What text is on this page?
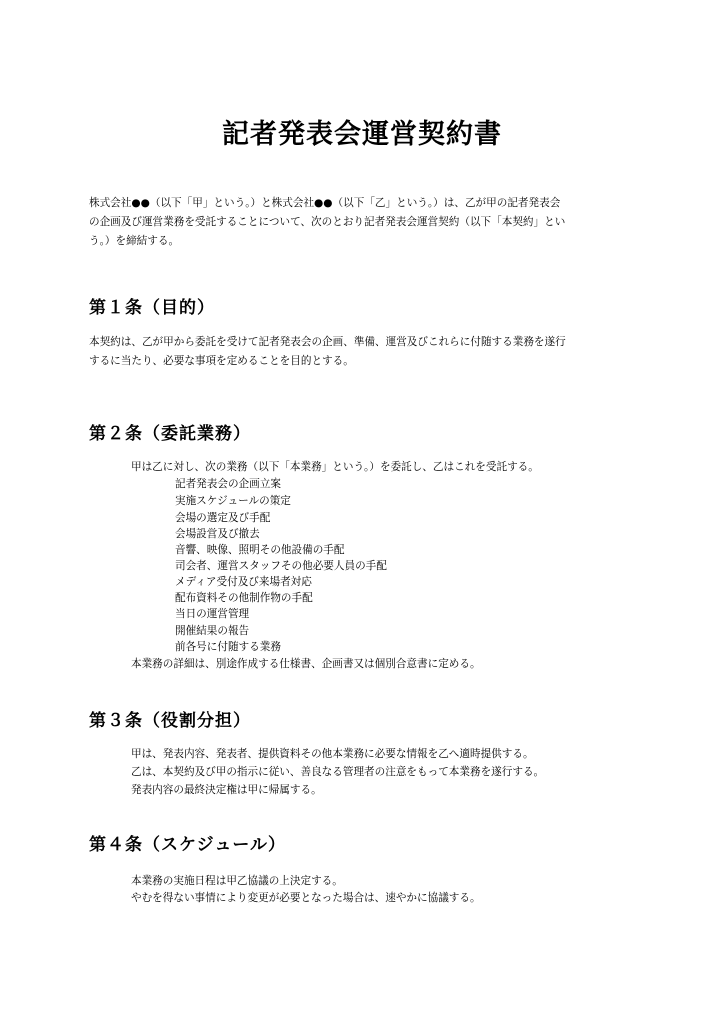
記者発表会運営契約書
株式会社●●（以下「甲」という。）と株式会社●●（以下「乙」という。）は、乙が甲の記者発表会
の企画及び運営業務を受託することについて、次のとおり記者発表会運営契約（以下「本契約」とい
う。）を締結する。
第１条（目的）
本契約は、乙が甲から委託を受けて記者発表会の企画、準備、運営及びこれらに付随する業務を遂行
するに当たり、必要な事項を定めることを目的とする。
第２条（委託業務）
甲は乙に対し、次の業務（以下「本業務」という。）を委託し、乙はこれを受託する。
記者発表会の企画立案
実施スケジュールの策定
会場の選定及び手配
会場設営及び撤去
音響、映像、照明その他設備の手配
司会者、運営スタッフその他必要人員の手配
メディア受付及び来場者対応
配布資料その他制作物の手配
当日の運営管理
開催結果の報告
前各号に付随する業務
本業務の詳細は、別途作成する仕様書、企画書又は個別合意書に定める。
第３条（役割分担）
甲は、発表内容、発表者、提供資料その他本業務に必要な情報を乙へ適時提供する。
乙は、本契約及び甲の指示に従い、善良なる管理者の注意をもって本業務を遂行する。
発表内容の最終決定権は甲に帰属する。
第４条（スケジュール）
本業務の実施日程は甲乙協議の上決定する。
やむを得ない事情により変更が必要となった場合は、速やかに協議する。
